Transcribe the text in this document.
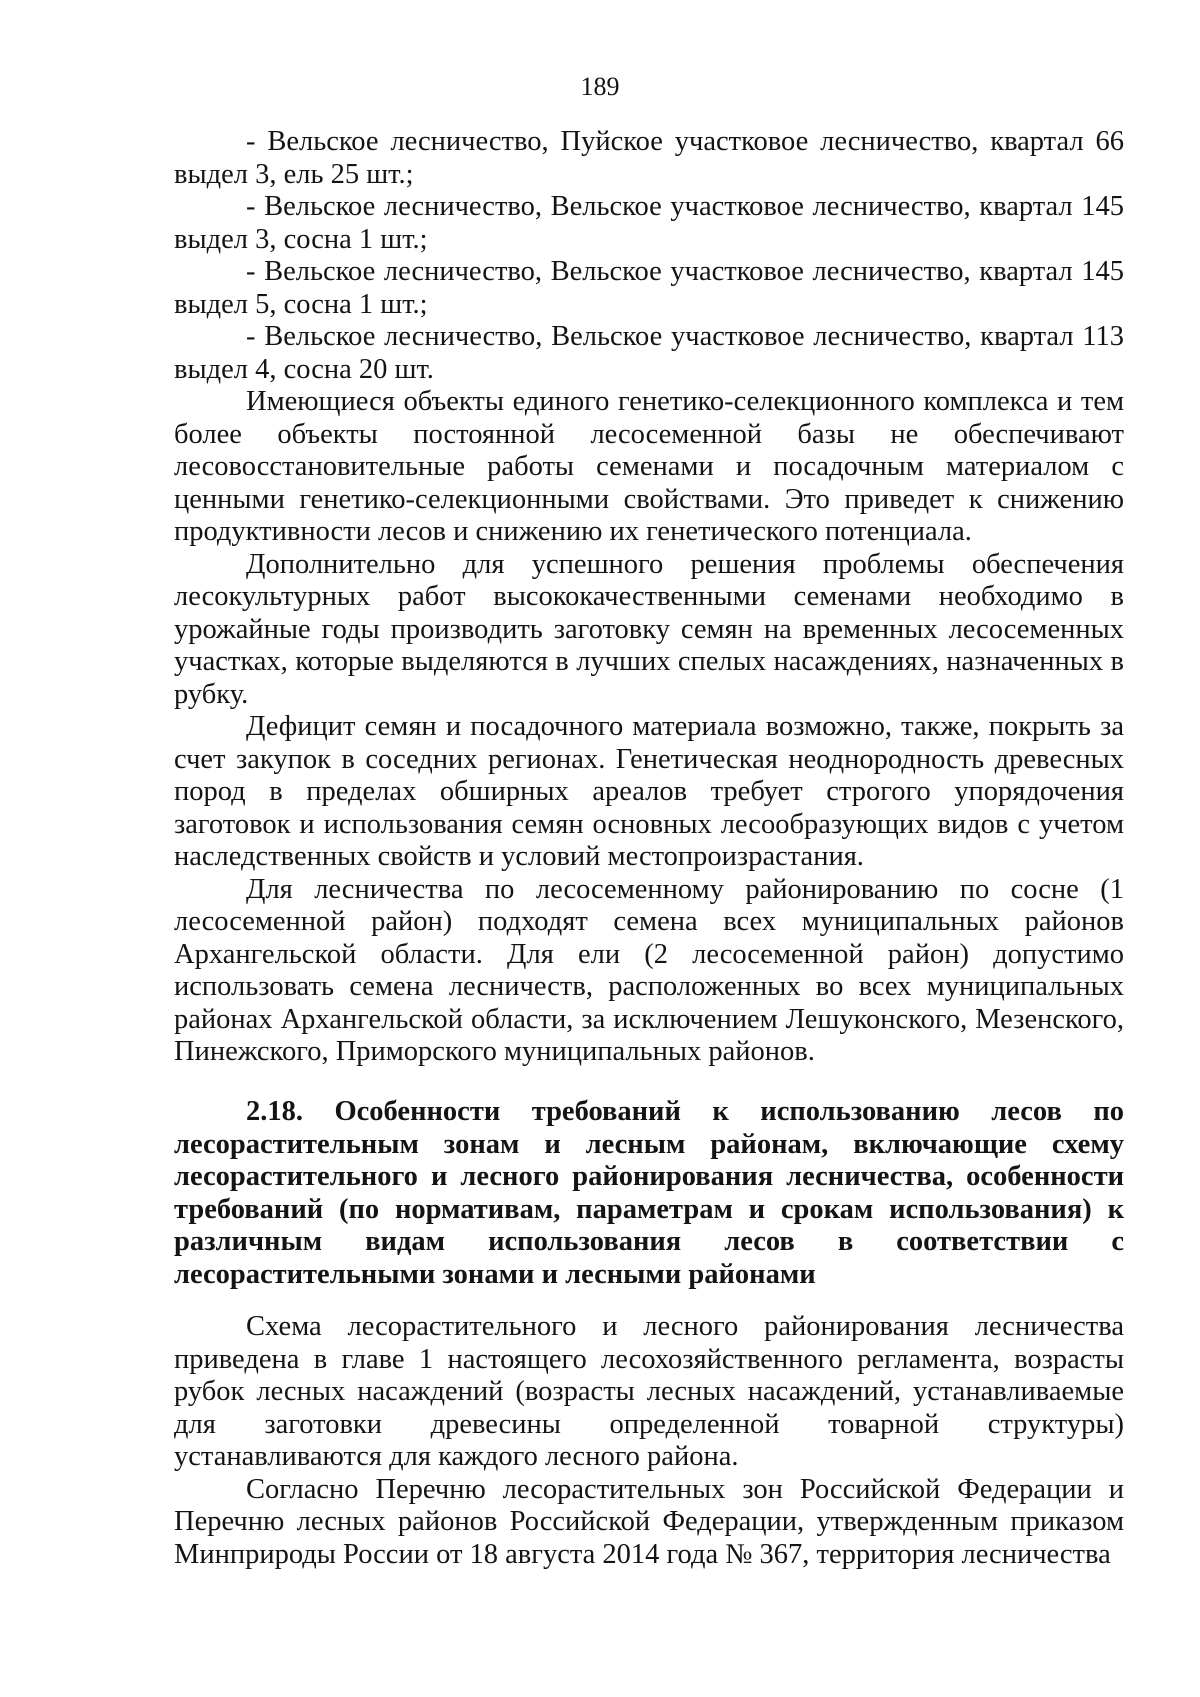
189

- Вельское лесничество, Пуйское участковое лесничество, квартал 66 выдел 3, ель 25 шт.;

- Вельское лесничество, Вельское участковое лесничество, квартал 145 выдел 3, сосна 1 шт.;

- Вельское лесничество, Вельское участковое лесничество, квартал 145 выдел 5, сосна 1 шт.;

- Вельское лесничество, Вельское участковое лесничество, квартал 113 выдел 4, сосна 20 шт.

Имеющиеся объекты единого генетико-селекционного комплекса и тем более объекты постоянной лесосеменной базы не обеспечивают лесовосстановительные работы семенами и посадочным материалом с ценными генетико-селекционными свойствами. Это приведет к снижению продуктивности лесов и снижению их генетического потенциала.

Дополнительно для успешного решения проблемы обеспечения лесокультурных работ высококачественными семенами необходимо в урожайные годы производить заготовку семян на временных лесосеменных участках, которые выделяются в лучших спелых насаждениях, назначенных в рубку.

Дефицит семян и посадочного материала возможно, также, покрыть за счет закупок в соседних регионах. Генетическая неоднородность древесных пород в пределах обширных ареалов требует строгого упорядочения заготовок и использования семян основных лесообразующих видов с учетом наследственных свойств и условий местопроизрастания.

Для лесничества по лесосеменному районированию по сосне (1 лесосеменной район) подходят семена всех муниципальных районов Архангельской области. Для ели (2 лесосеменной район) допустимо использовать семена лесничеств, расположенных во всех муниципальных районах Архангельской области, за исключением Лешуконского, Мезенского, Пинежского, Приморского муниципальных районов.

2.18. Особенности требований к использованию лесов по лесорастительным зонам и лесным районам, включающие схему лесорастительного и лесного районирования лесничества, особенности требований (по нормативам, параметрам и срокам использования) к различным видам использования лесов в соответствии с лесорастительными зонами и лесными районами

Схема лесорастительного и лесного районирования лесничества приведена в главе 1 настоящего лесохозяйственного регламента, возрасты рубок лесных насаждений (возрасты лесных насаждений, устанавливаемые для заготовки древесины определенной товарной структуры) устанавливаются для каждого лесного района.

Согласно Перечню лесорастительных зон Российской Федерации и Перечню лесных районов Российской Федерации, утвержденным приказом Минприроды России от 18 августа 2014 года № 367, территория лесничества
